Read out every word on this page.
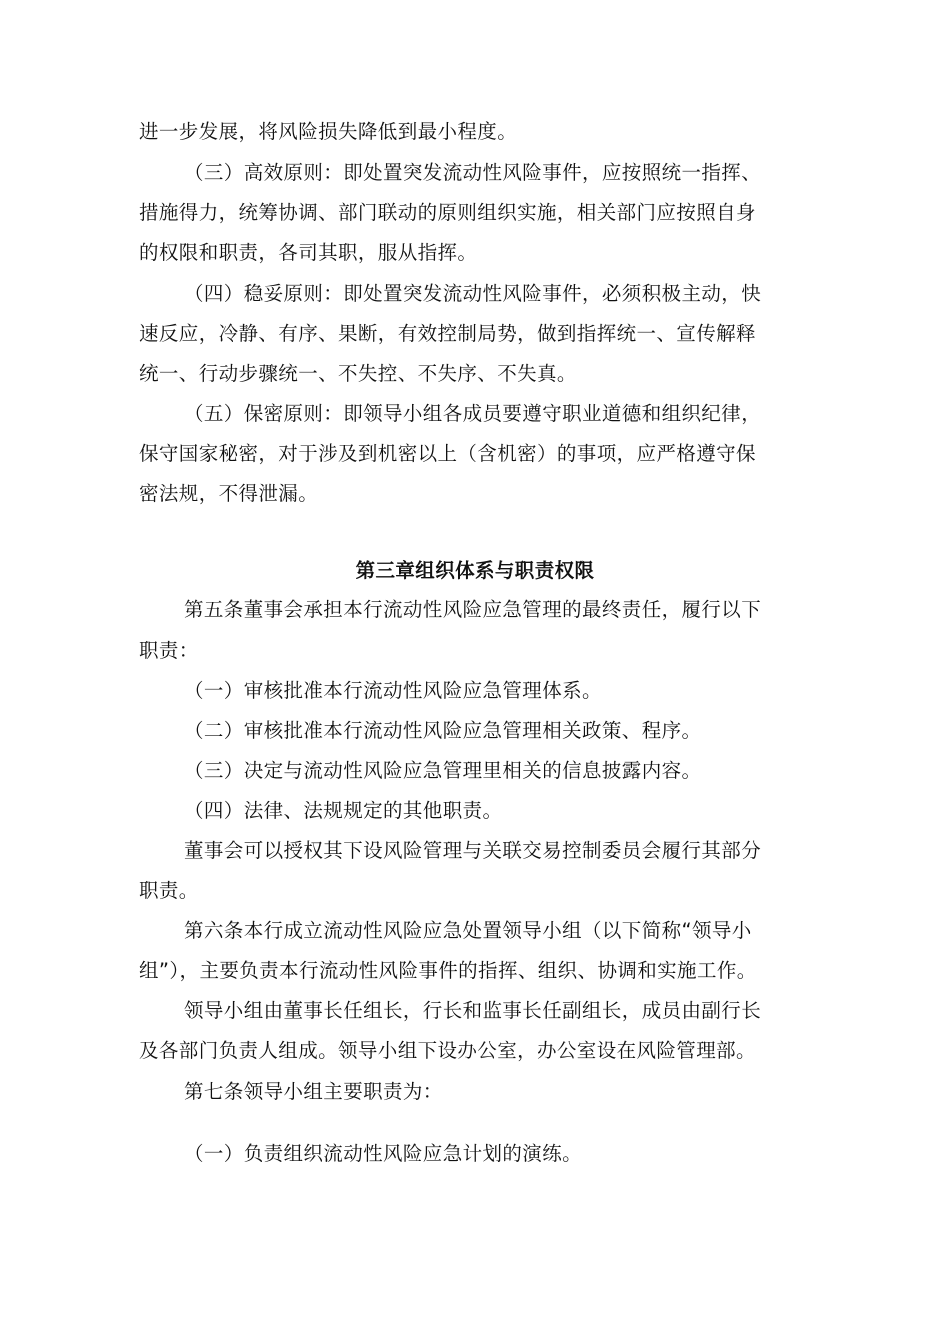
进一步发展，将风险损失降低到最小程度。
（三）高效原则：即处置突发流动性风险事件，应按照统一指挥、
措施得力，统筹协调、部门联动的原则组织实施，相关部门应按照自身
的权限和职责，各司其职，服从指挥。
（四）稳妥原则：即处置突发流动性风险事件，必须积极主动，快
速反应，冷静、有序、果断，有效控制局势，做到指挥统一、宣传解释
统一、行动步骤统一、不失控、不失序、不失真。
（五）保密原则：即领导小组各成员要遵守职业道德和组织纪律，
保守国家秘密，对于涉及到机密以上（含机密）的事项，应严格遵守保
密法规，不得泄漏。
第三章组织体系与职责权限
第五条董事会承担本行流动性风险应急管理的最终责任，履行以下
职责：
（一）审核批准本行流动性风险应急管理体系。
（二）审核批准本行流动性风险应急管理相关政策、程序。
（三）决定与流动性风险应急管理里相关的信息披露内容。
（四）法律、法规规定的其他职责。
董事会可以授权其下设风险管理与关联交易控制委员会履行其部分
职责。
第六条本行成立流动性风险应急处置领导小组（以下简称“领导小
组”），主要负责本行流动性风险事件的指挥、组织、协调和实施工作。
领导小组由董事长任组长，行长和监事长任副组长，成员由副行长
及各部门负责人组成。领导小组下设办公室，办公室设在风险管理部。
第七条领导小组主要职责为：
（一）负责组织流动性风险应急计划的演练。
